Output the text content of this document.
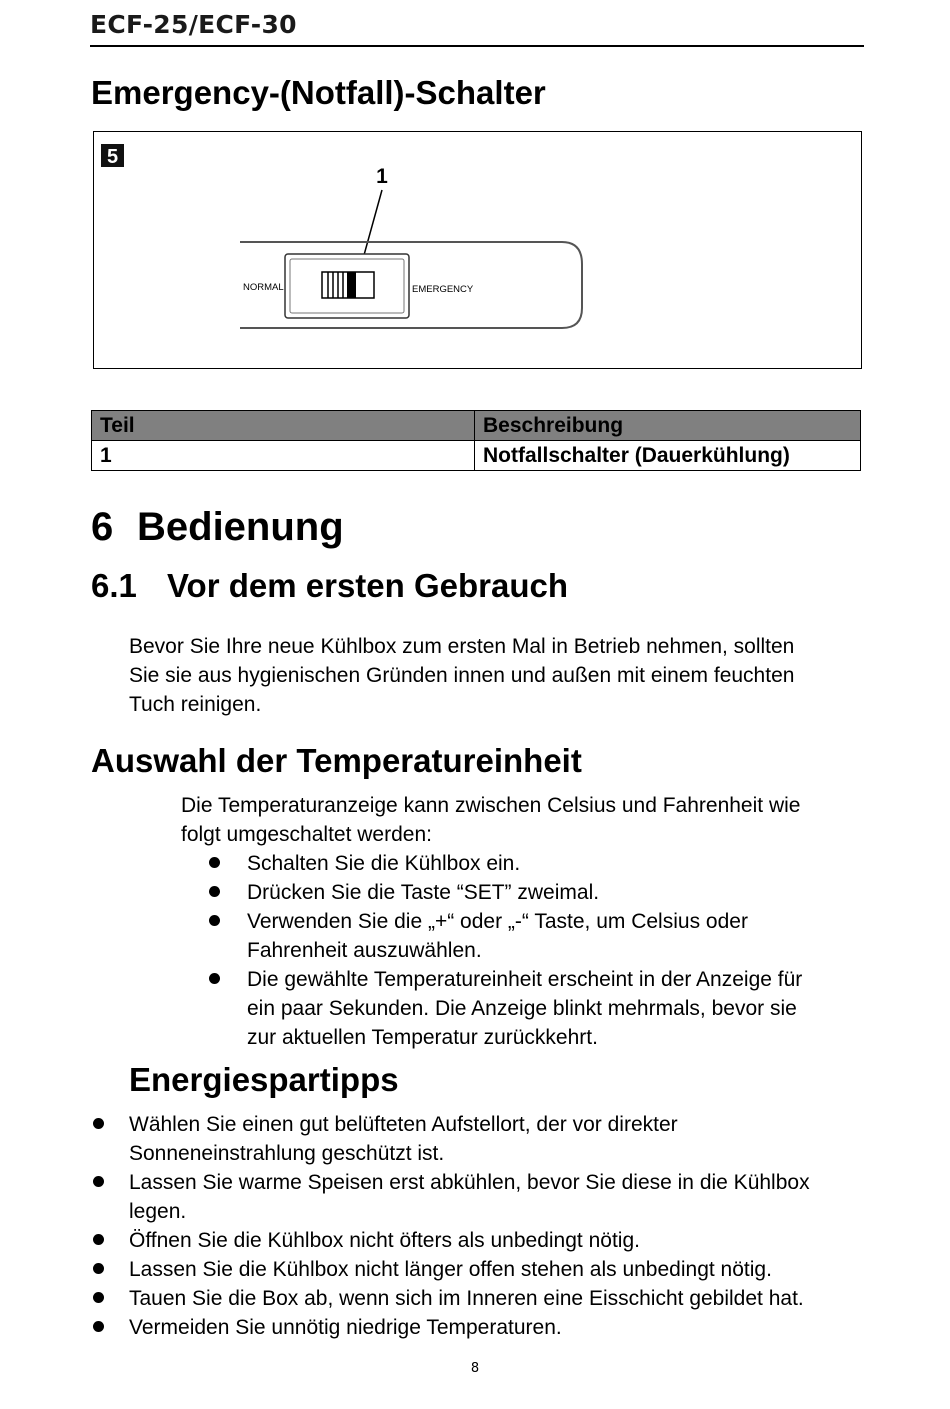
ECF-25/ECF-30
Emergency-(Notfall)-Schalter
5
1
NORMAL	EMERGENCY
Teil	Beschreibung
1	Notfallschalter (Dauerkühlung)
6 Bedienung
6.1 Vor dem ersten Gebrauch
Bevor Sie Ihre neue Kühlbox zum ersten Mal in Betrieb nehmen, sollten
Sie sie aus hygienischen Gründen innen und außen mit einem feuchten
Tuch reinigen.
Auswahl der Temperatureinheit
Die Temperaturanzeige kann zwischen Celsius und Fahrenheit wie
folgt umgeschaltet werden:
Schalten Sie die Kühlbox ein.
Drücken Sie die Taste “SET” zweimal.
Verwenden Sie die „+“ oder „-“ Taste, um Celsius oder
Fahrenheit auszuwählen.
Die gewählte Temperatureinheit erscheint in der Anzeige für
ein paar Sekunden. Die Anzeige blinkt mehrmals, bevor sie
zur aktuellen Temperatur zurückkehrt.
Energiespartipps
Wählen Sie einen gut belüfteten Aufstellort, der vor direkter
Sonneneinstrahlung geschützt ist.
Lassen Sie warme Speisen erst abkühlen, bevor Sie diese in die Kühlbox
legen.
Öffnen Sie die Kühlbox nicht öfters als unbedingt nötig.
Lassen Sie die Kühlbox nicht länger offen stehen als unbedingt nötig.
Tauen Sie die Box ab, wenn sich im Inneren eine Eisschicht gebildet hat.
Vermeiden Sie unnötig niedrige Temperaturen.
8
